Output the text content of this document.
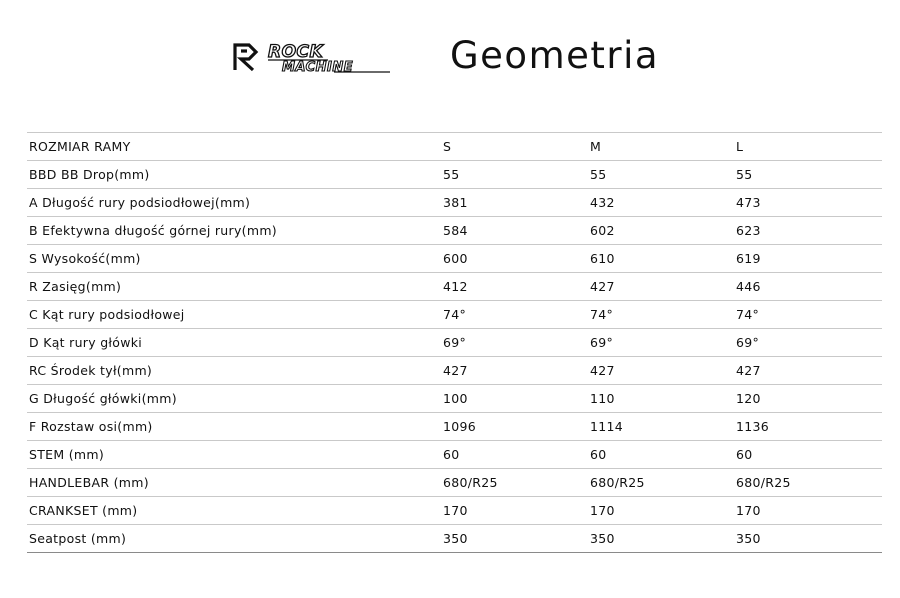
ROCK
MACHINE	Geometria
ROZMIAR RAMY	S	M	L
BBD BB Drop(mm)	55	55	55
A Długość rury podsiodłowej(mm)	381	432	473
B Efektywna długość górnej rury(mm)	584	602	623
S Wysokość(mm)	600	610	619
R Zasięg(mm)	412	427	446
C Kąt rury podsiodłowej	74°	74°	74°
D Kąt rury główki	69°	69°	69°
RC Środek tył(mm)	427	427	427
G Długość główki(mm)	100	110	120
F Rozstaw osi(mm)	1096	1114	1136
STEM (mm)	60	60	60
HANDLEBAR (mm)	680/R25	680/R25	680/R25
CRANKSET (mm)	170	170	170
Seatpost (mm)	350	350	350
